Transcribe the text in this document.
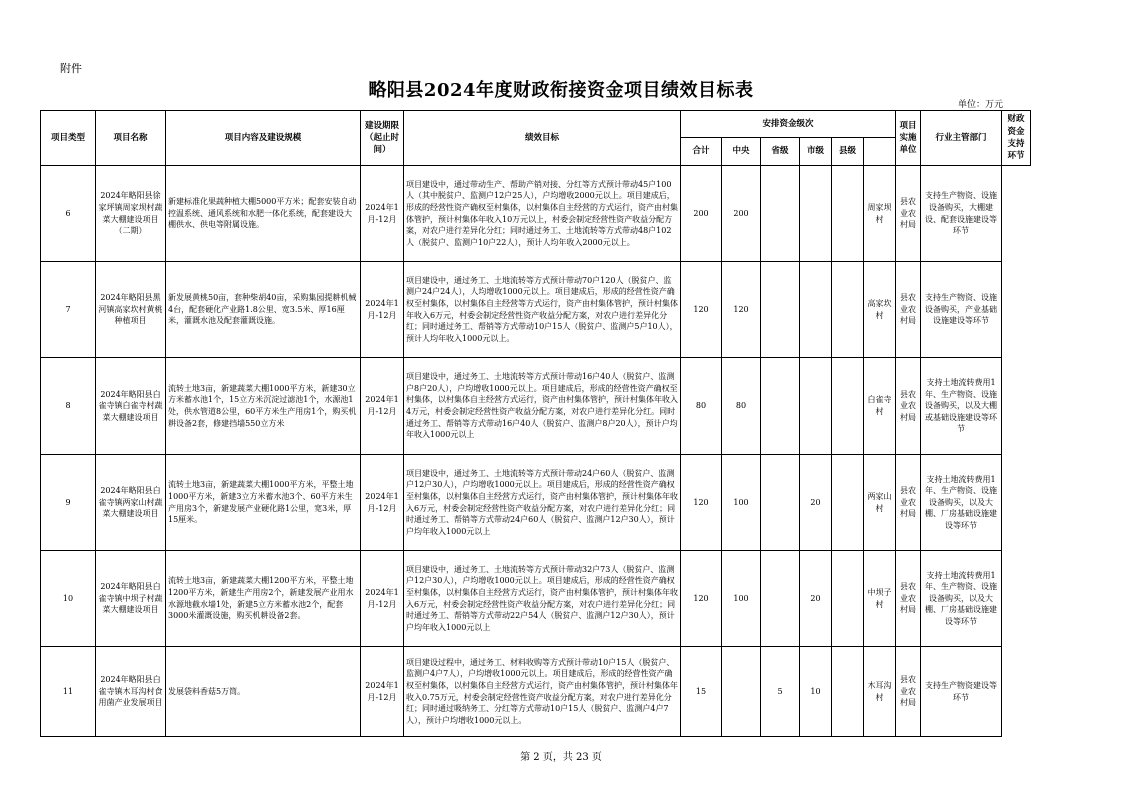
附件
略阳县2024年度财政衔接资金项目绩效目标表
单位：万元
项目类型	项目名称	项目内容及建设规模	建设期限（起止时间）	绩效目标	安排资金级次						项目实施单位	行业主管部门	财政资金支持环节
					合计	中央	省级	市级	县级				
6	2024年略阳县徐家坪镇周家坝村蔬菜大棚建设项目（二期）	新建标准化果蔬种植大棚5000平方米；配套安装自动控温系统、通风系统和水肥一体化系统，配套建设大棚供水、供电等附属设施。	2024年1月-12月	项目建设中，通过带动生产、帮助产销对接、分红等方式预计带动45户100人（其中脱贫户、监测户12户25人），户均增收2000元以上。项目建成后，形成的经营性资产确权至村集体，以村集体自主经营的方式运行，资产由村集体管护，预计村集体年收入10万元以上，村委会制定经营性资产收益分配方案，对农户进行差异化分红；同时通过务工、土地流转等方式带动48户102人（脱贫户、监测户10户22人），预计人均年收入2000元以上。	200	200				周家坝村	县农业农村局	支持生产物资、设施设备购买，大棚建设、配套设施建设等环节	
7	2024年略阳县黑河镇高家坎村黄桃种植项目	新发展黄桃50亩，套种柴胡40亩，采购集园提耕机械4台，配套硬化产业路1.8公里、宽3.5米、厚16厘米，灌溉水池及配套灌溉设施。	2024年1月-12月	项目建设中，通过务工、土地流转等方式预计带动70户120人（脱贫户、监测户24户24人），人均增收1000元以上。项目建成后，形成的经营性资产确权至村集体，以村集体自主经营等方式运行，资产由村集体管护，预计村集体年收入6万元，村委会制定经营性资产收益分配方案，对农户进行差异化分红；同时通过务工、帮销等方式带动10户15人（脱贫户、监测户5户10人），预计人均年收入1000元以上。	120	120				高家坎村	县农业农村局	支持生产物资、设施设备购买，产业基础设施建设等环节	
8	2024年略阳县白雀寺镇白雀寺村蔬菜大棚建设项目	流转土地3亩，新建蔬菜大棚1000平方米，新建30立方米蓄水池1个，15立方米沉淀过滤池1个，水源池1处，供水管道8公里，60平方米生产用房1个，购买机耕设备2套，修建挡墙550立方米	2024年1月-12月	项目建设中，通过务工、土地流转等方式预计带动16户40人（脱贫户、监测户8户20人），户均增收1000元以上。项目建成后，形成的经营性资产确权至村集体，以村集体自主经营方式运行，资产由村集体管护，预计村集体年收入4万元，村委会制定经营性资产收益分配方案，对农户进行差异化分红。同时通过务工、帮销等方式带动16户40人（脱贫户、监测户8户20人），预计户均年收入1000元以上	80	80				白雀寺村	县农业农村局	支持土地流转费用1年、生产物资、设施设备购买，以及大棚或基础设施建设等环节	
9	2024年略阳县白雀寺镇两家山村蔬菜大棚建设项目	流转土地3亩，新建蔬菜大棚1000平方米，平整土地1000平方米，新建3立方米蓄水池3个、60平方米生产用房3个，新建发展产业硬化路1公里，宽3米，厚15厘米。	2024年1月-12月	项目建设中，通过务工、土地流转等方式预计带动24户60人（脱贫户、监测户12户30人），户均增收1000元以上。项目建成后，形成的经营性资产确权至村集体，以村集体自主经营方式运行，资产由村集体管护，预计村集体年收入6万元，村委会制定经营性资产收益分配方案，对农户进行差异化分红；同时通过务工、帮销等方式带动24户60人（脱贫户、监测户12户30人），预计户均年收入1000元以上	120	100		20		两家山村	县农业农村局	支持土地流转费用1年、生产物资、设施设备购买，以及大棚、厂房基础设施建设等环节	
10	2024年略阳县白雀寺镇中坝子村蔬菜大棚建设项目	流转土地3亩，新建蔬菜大棚1200平方米，平整土地1200平方米，新建生产用房2个，新建发展产业用水水源地截水墙1处，新建5立方米蓄水池2个，配套3000米灌溉设施，购买机耕设备2套。	2024年1月-12月	项目建设中，通过务工、土地流转等方式预计带动32户73人（脱贫户、监测户12户30人），户均增收1000元以上。项目建成后，形成的经营性资产确权至村集体，以村集体自主经营方式运行，资产由村集体管护，预计村集体年收入6万元，村委会制定经营性资产收益分配方案，对农户进行差异化分红；同时通过务工、帮销等方式带动22户54人（脱贫户、监测户12户30人），预计户均年收入1000元以上	120	100		20		中坝子村	县农业农村局	支持土地流转费用1年、生产物资、设施设备购买，以及大棚、厂房基础设施建设等环节	
11	2024年略阳县白雀寺镇木耳沟村食用菌产业发展项目	发展袋料香菇5万筒。	2024年1月-12月	项目建设过程中，通过务工、材料收购等方式预计带动10户15人（脱贫户、监测户4户7人），户均增收1000元以上。项目建成后，形成的经营性资产确权至村集体，以村集体自主经营方式运行，资产由村集体管护，预计村集体年收入0.75万元，村委会制定经营性资产收益分配方案，对农户进行差异化分红；同时通过吸纳务工、分红等方式带动10户15人（脱贫户、监测户4户7人），预计户均增收1000元以上。	15		5	10		木耳沟村	县农业农村局	支持生产物资建设等环节	
第 2 页，共 23 页
